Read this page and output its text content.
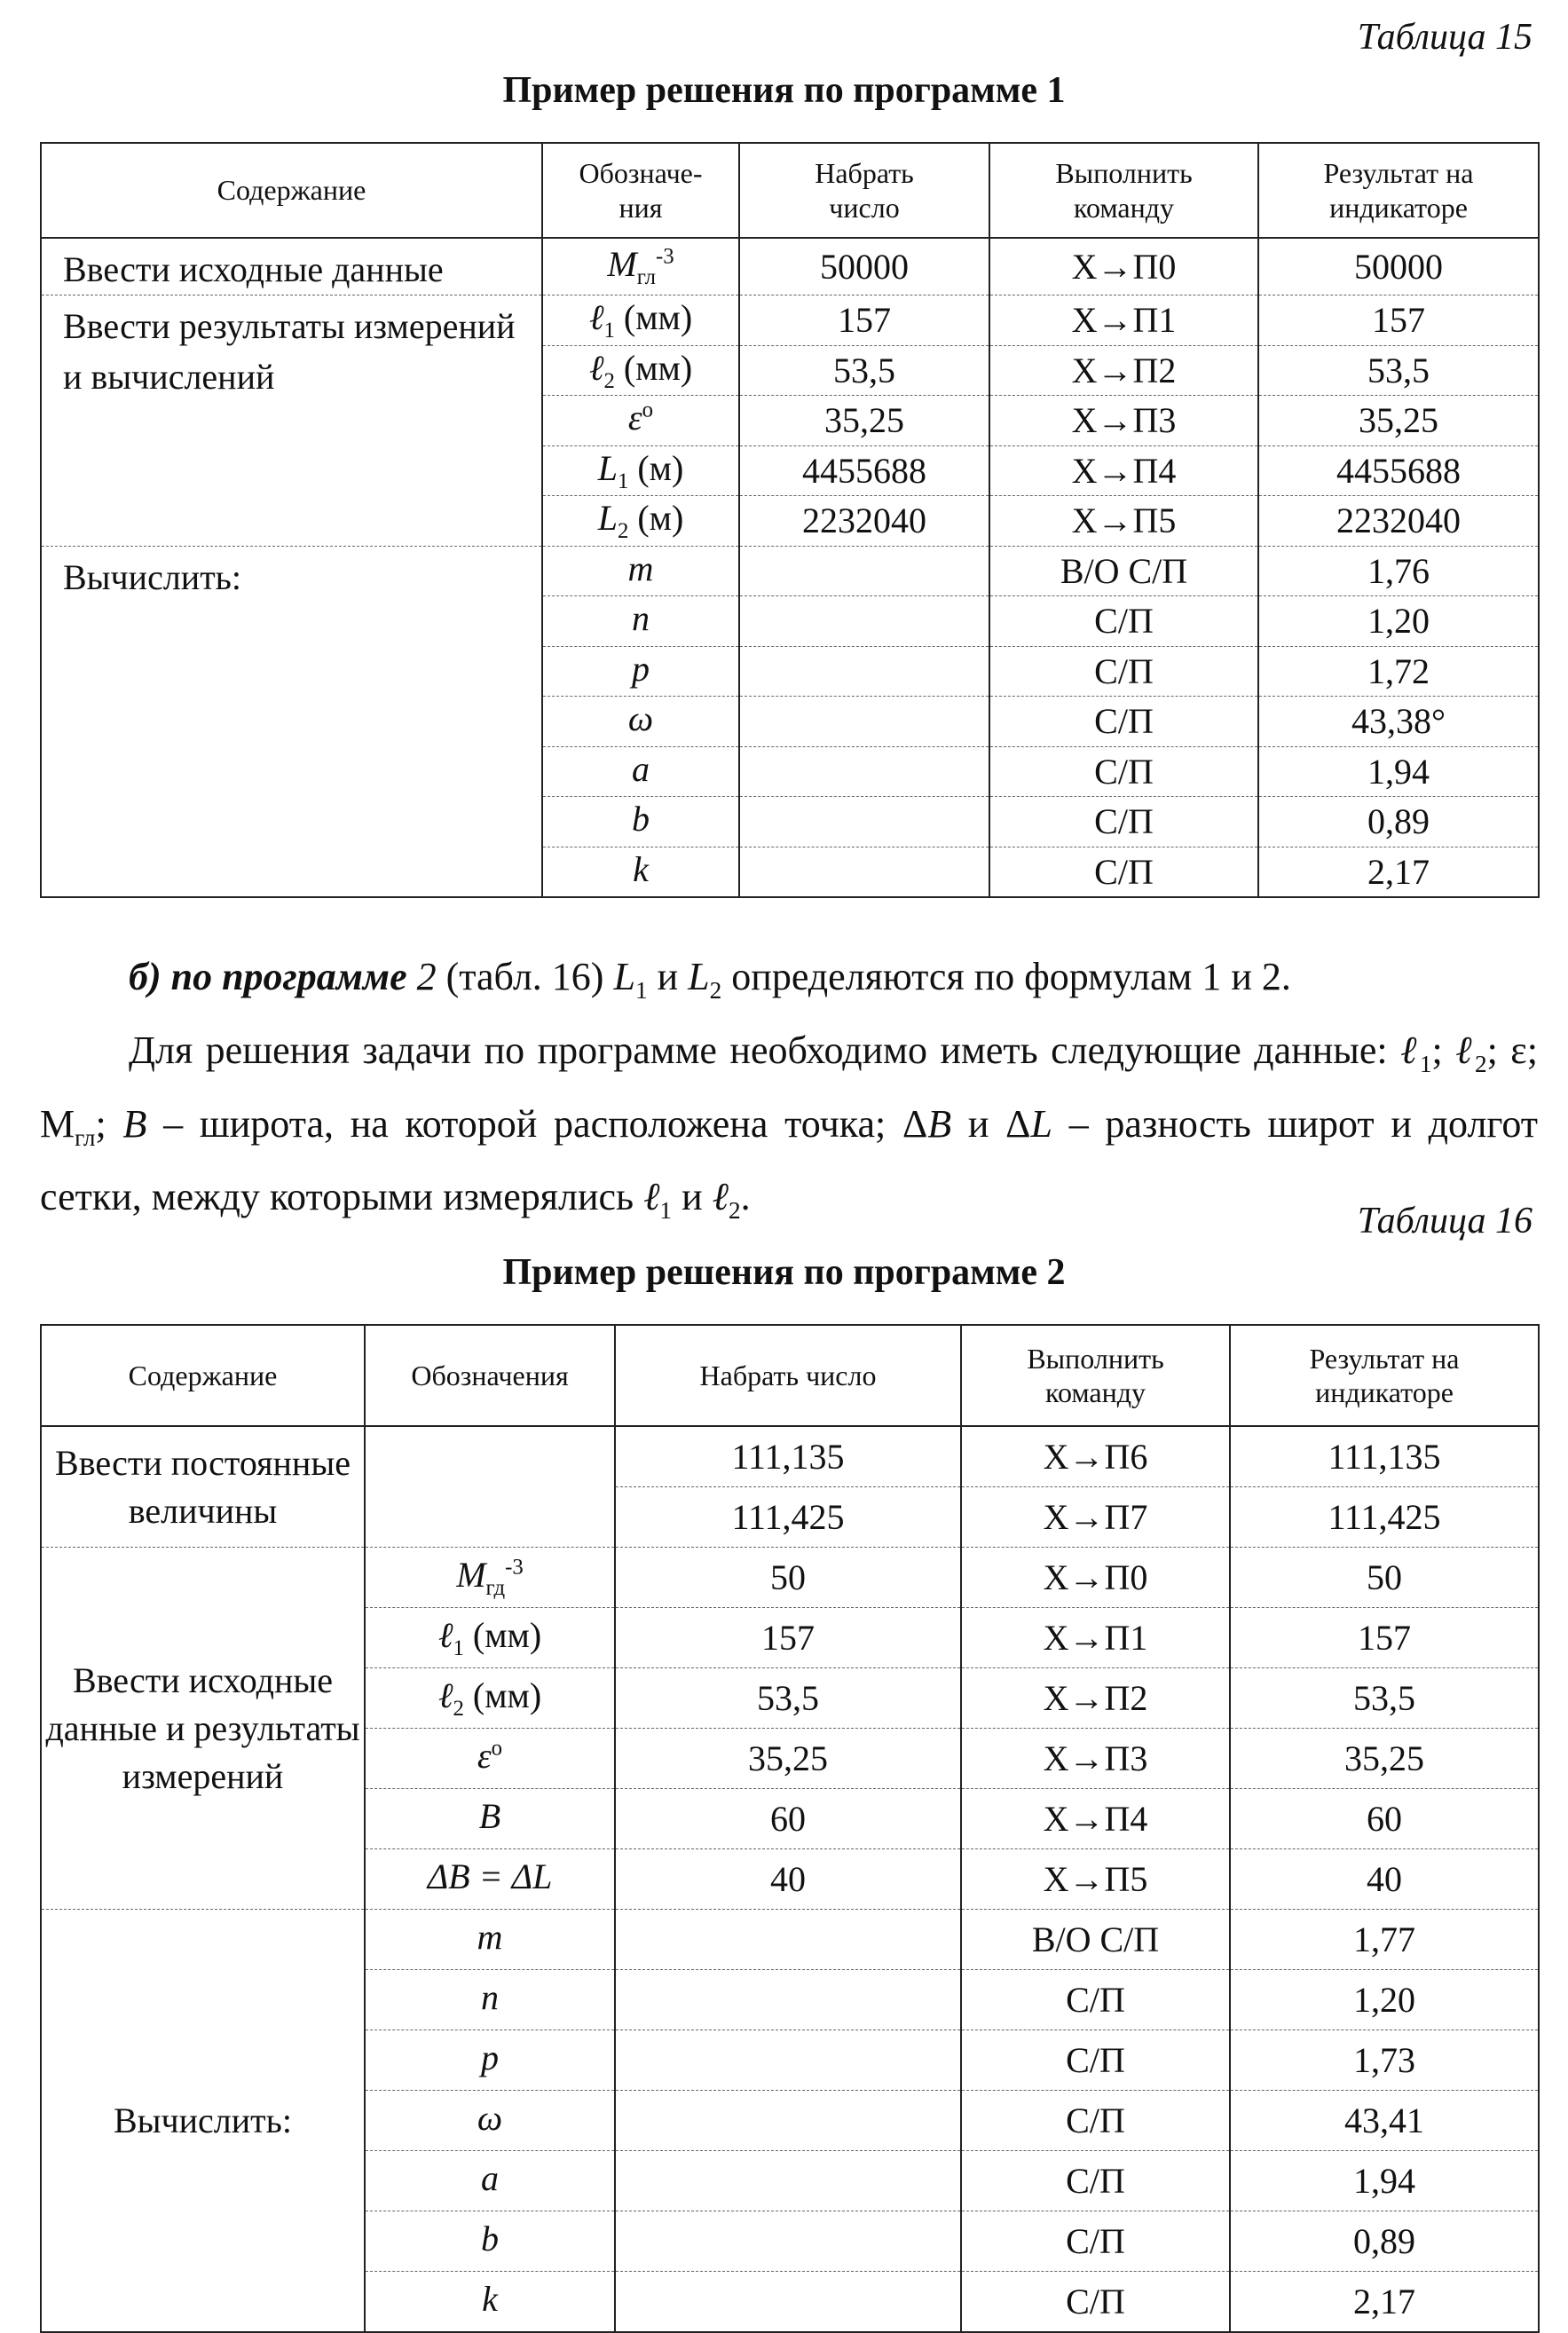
Таблица 15
Пример решения по программе 1
Содержание	Обозначе-ния	Набрать число	Выполнить команду	Результат на индикаторе
Ввести исходные данные	$М_{гл}^{-3}$	50000	X→П0	50000
Ввести результаты измерений и вычислений	ℓ$_1$ (мм)	157	X→П1	157
	ℓ$_2$ (мм)	53,5	X→П2	53,5
	$\varepsilon^o$	35,25	X→П3	35,25
	$L_1$ (м)	4455688	X→П4	4455688
	$L_2$ (м)	2232040	X→П5	2232040
Вычислить:	m		В/О С/П	1,76
	n		С/П	1,20
	p		С/П	1,72
	ω		С/П	43,38°
	a		С/П	1,94
	b		С/П	0,89
	k		С/П	2,17

б) по программе 2 (табл. 16) $L_1$ и $L_2$ определяются по формулам 1 и 2.

Для решения задачи по программе необходимо иметь следующие данные: ℓ$_1$; ℓ$_2$; ε; $М_{гл}$; B – широта, на которой расположена точка; ΔB и ΔL – разность широт и долгот сетки, между которыми измерялись ℓ$_1$ и ℓ$_2$.

Таблица 16
Пример решения по программе 2
Содержание	Обозначения	Набрать число	Выполнить команду	Результат на индикаторе
Ввести постоянные величины		111,135	X→П6	111,135
		111,425	X→П7	111,425
Ввести исходные данные и результаты измерений	$М_{гд}^{-3}$	50	X→П0	50
	ℓ$_1$ (мм)	157	X→П1	157
	ℓ$_2$ (мм)	53,5	X→П2	53,5
	$\varepsilon^o$	35,25	X→П3	35,25
	B	60	X→П4	60
	ΔB = ΔL	40	X→П5	40
Вычислить:	m		В/О С/П	1,77
	n		С/П	1,20
	p		С/П	1,73
	ω		С/П	43,41
	a		С/П	1,94
	b		С/П	0,89
	k		С/П	2,17
